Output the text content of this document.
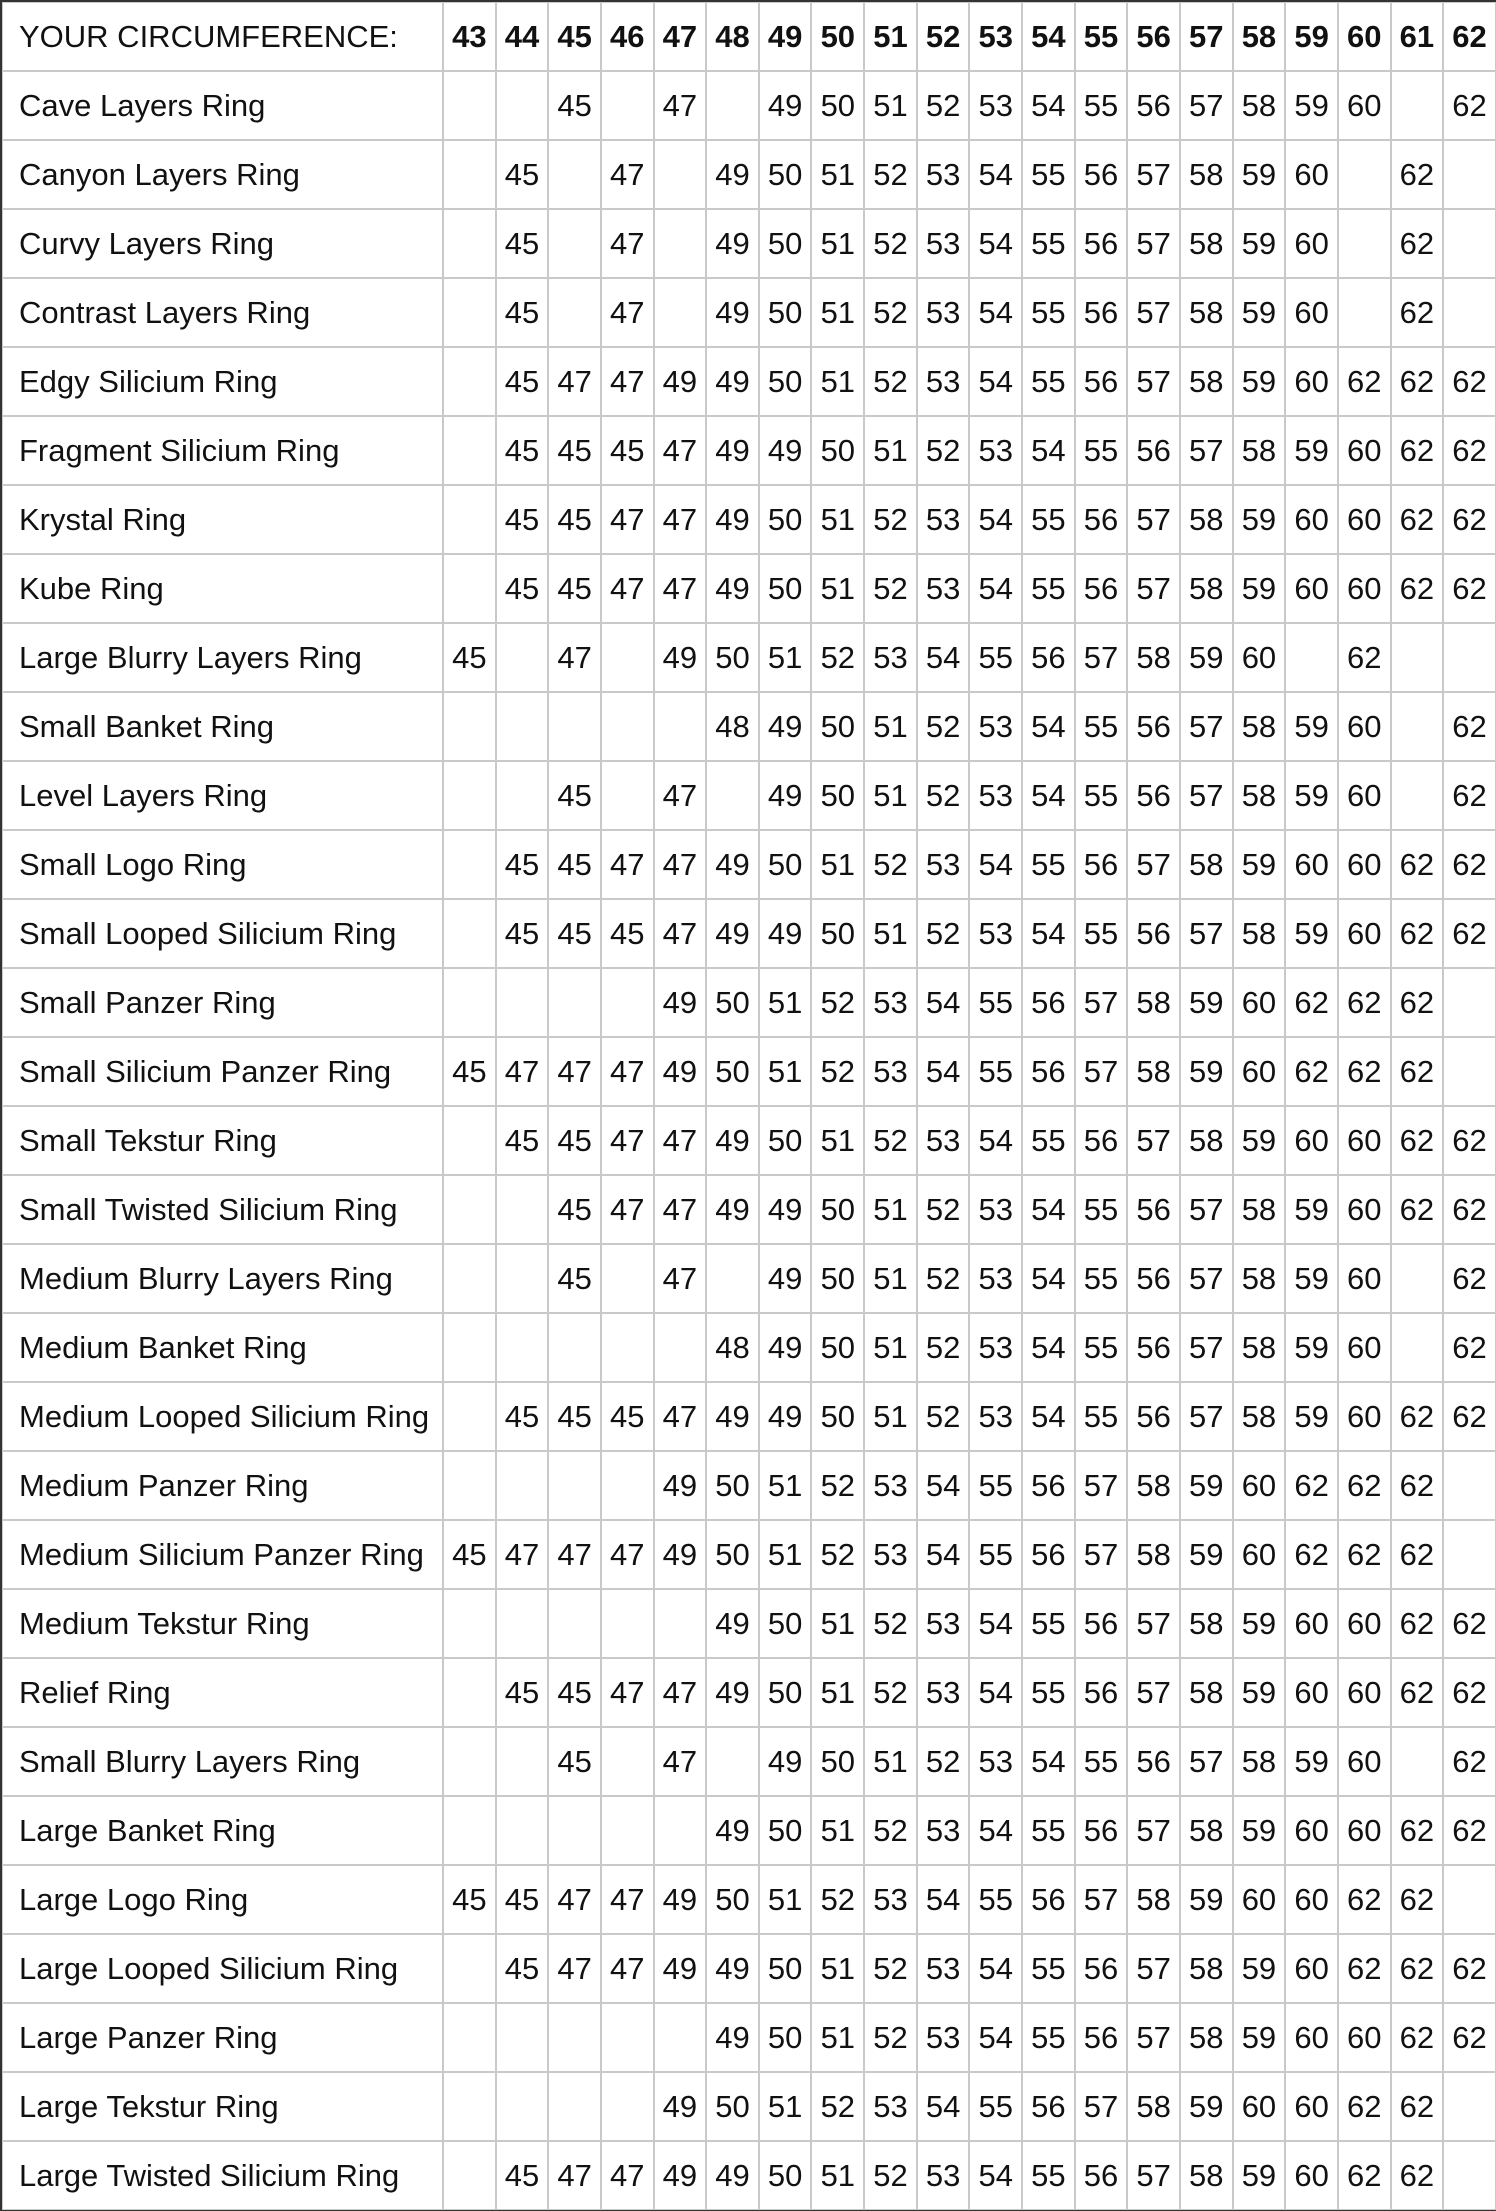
YOUR CIRCUMFERENCE:	43	44	45	46	47	48	49	50	51	52	53	54	55	56	57	58	59	60	61	62
Cave Layers Ring			45		47		49	50	51	52	53	54	55	56	57	58	59	60		62
Canyon Layers Ring		45		47		49	50	51	52	53	54	55	56	57	58	59	60		62	
Curvy Layers Ring		45		47		49	50	51	52	53	54	55	56	57	58	59	60		62	
Contrast Layers Ring		45		47		49	50	51	52	53	54	55	56	57	58	59	60		62	
Edgy Silicium Ring		45	47	47	49	49	50	51	52	53	54	55	56	57	58	59	60	62	62	62
Fragment Silicium Ring		45	45	45	47	49	49	50	51	52	53	54	55	56	57	58	59	60	62	62
Krystal Ring		45	45	47	47	49	50	51	52	53	54	55	56	57	58	59	60	60	62	62
Kube Ring		45	45	47	47	49	50	51	52	53	54	55	56	57	58	59	60	60	62	62
Large Blurry Layers Ring	45		47		49	50	51	52	53	54	55	56	57	58	59	60		62		
Small Banket Ring						48	49	50	51	52	53	54	55	56	57	58	59	60		62
Level Layers Ring			45		47		49	50	51	52	53	54	55	56	57	58	59	60		62
Small Logo Ring		45	45	47	47	49	50	51	52	53	54	55	56	57	58	59	60	60	62	62
Small Looped Silicium Ring		45	45	45	47	49	49	50	51	52	53	54	55	56	57	58	59	60	62	62
Small Panzer Ring					49	50	51	52	53	54	55	56	57	58	59	60	62	62	62	
Small Silicium Panzer Ring	45	47	47	47	49	50	51	52	53	54	55	56	57	58	59	60	62	62	62	
Small Tekstur Ring		45	45	47	47	49	50	51	52	53	54	55	56	57	58	59	60	60	62	62
Small Twisted Silicium Ring			45	47	47	49	49	50	51	52	53	54	55	56	57	58	59	60	62	62
Medium Blurry Layers Ring			45		47		49	50	51	52	53	54	55	56	57	58	59	60		62
Medium Banket Ring						48	49	50	51	52	53	54	55	56	57	58	59	60		62
Medium Looped Silicium Ring		45	45	45	47	49	49	50	51	52	53	54	55	56	57	58	59	60	62	62
Medium Panzer Ring					49	50	51	52	53	54	55	56	57	58	59	60	62	62	62	
Medium Silicium Panzer Ring	45	47	47	47	49	50	51	52	53	54	55	56	57	58	59	60	62	62	62	
Medium Tekstur Ring						49	50	51	52	53	54	55	56	57	58	59	60	60	62	62
Relief Ring		45	45	47	47	49	50	51	52	53	54	55	56	57	58	59	60	60	62	62
Small Blurry Layers Ring			45		47		49	50	51	52	53	54	55	56	57	58	59	60		62
Large Banket Ring						49	50	51	52	53	54	55	56	57	58	59	60	60	62	62
Large Logo Ring	45	45	47	47	49	50	51	52	53	54	55	56	57	58	59	60	60	62	62	
Large Looped Silicium Ring		45	47	47	49	49	50	51	52	53	54	55	56	57	58	59	60	62	62	62
Large Panzer Ring						49	50	51	52	53	54	55	56	57	58	59	60	60	62	62
Large Tekstur Ring					49	50	51	52	53	54	55	56	57	58	59	60	60	62	62	
Large Twisted Silicium Ring		45	47	47	49	49	50	51	52	53	54	55	56	57	58	59	60	62	62	
